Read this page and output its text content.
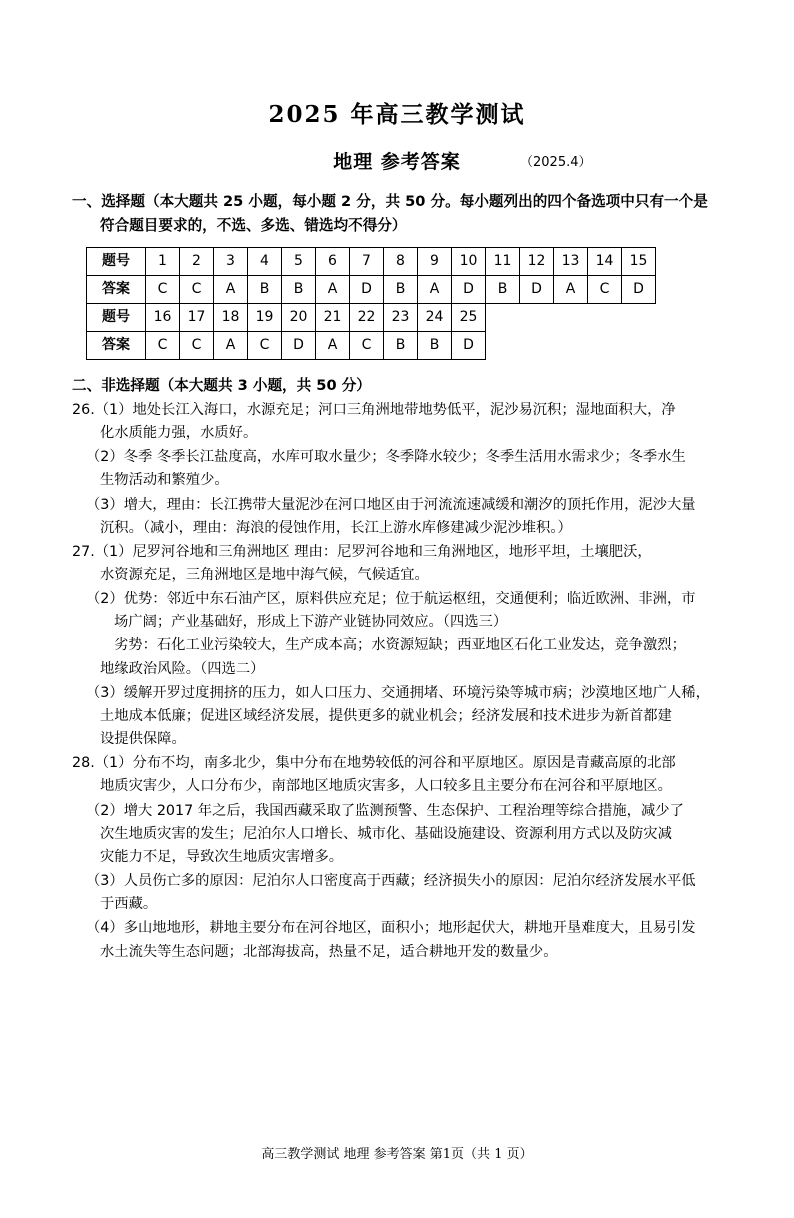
2025 年高三教学测试
地理 参考答案	（2025.4）
一、选择题（本大题共 25 小题，每小题 2 分，共 50 分。每小题列出的四个备选项中只有一个是
符合题目要求的，不选、多选、错选均不得分）
题号	1	2	3	4	5	6	7	8	9	10	11	12	13	14	15
答案	C	C	A	B	B	A	D	B	A	D	B	D	A	C	D
题号	16	17	18	19	20	21	22	23	24	25					
答案	C	C	A	C	D	A	C	B	B	D					
二、非选择题（本大题共 3 小题，共 50 分）
26.（1）地处长江入海口，水源充足；河口三角洲地带地势低平，泥沙易沉积；湿地面积大，净
化水质能力强，水质好。
（2）冬季 冬季长江盐度高，水库可取水量少；冬季降水较少；冬季生活用水需求少；冬季水生
生物活动和繁殖少。
（3）增大，理由：长江携带大量泥沙在河口地区由于河流流速减缓和潮汐的顶托作用，泥沙大量
沉积。（减小，理由：海浪的侵蚀作用，长江上游水库修建减少泥沙堆积。）
27.（1）尼罗河谷地和三角洲地区 理由：尼罗河谷地和三角洲地区，地形平坦，土壤肥沃，
水资源充足，三角洲地区是地中海气候，气候适宜。
（2）优势：邻近中东石油产区，原料供应充足；位于航运枢纽，交通便利；临近欧洲、非洲，市
场广阔；产业基础好，形成上下游产业链协同效应。（四选三）
劣势：石化工业污染较大，生产成本高；水资源短缺；西亚地区石化工业发达，竞争激烈；
地缘政治风险。（四选二）
（3）缓解开罗过度拥挤的压力，如人口压力、交通拥堵、环境污染等城市病；沙漠地区地广人稀，
土地成本低廉；促进区域经济发展，提供更多的就业机会；经济发展和技术进步为新首都建
设提供保障。
28.（1）分布不均，南多北少，集中分布在地势较低的河谷和平原地区。原因是青藏高原的北部
地质灾害少，人口分布少，南部地区地质灾害多，人口较多且主要分布在河谷和平原地区。
（2）增大 2017 年之后，我国西藏采取了监测预警、生态保护、工程治理等综合措施，减少了
次生地质灾害的发生；尼泊尔人口增长、城市化、基础设施建设、资源利用方式以及防灾减
灾能力不足，导致次生地质灾害增多。
（3）人员伤亡多的原因：尼泊尔人口密度高于西藏；经济损失小的原因：尼泊尔经济发展水平低
于西藏。
（4）多山地地形，耕地主要分布在河谷地区，面积小；地形起伏大，耕地开垦难度大，且易引发
水土流失等生态问题；北部海拔高，热量不足，适合耕地开发的数量少。
高三教学测试 地理 参考答案 第1页（共 1 页）
